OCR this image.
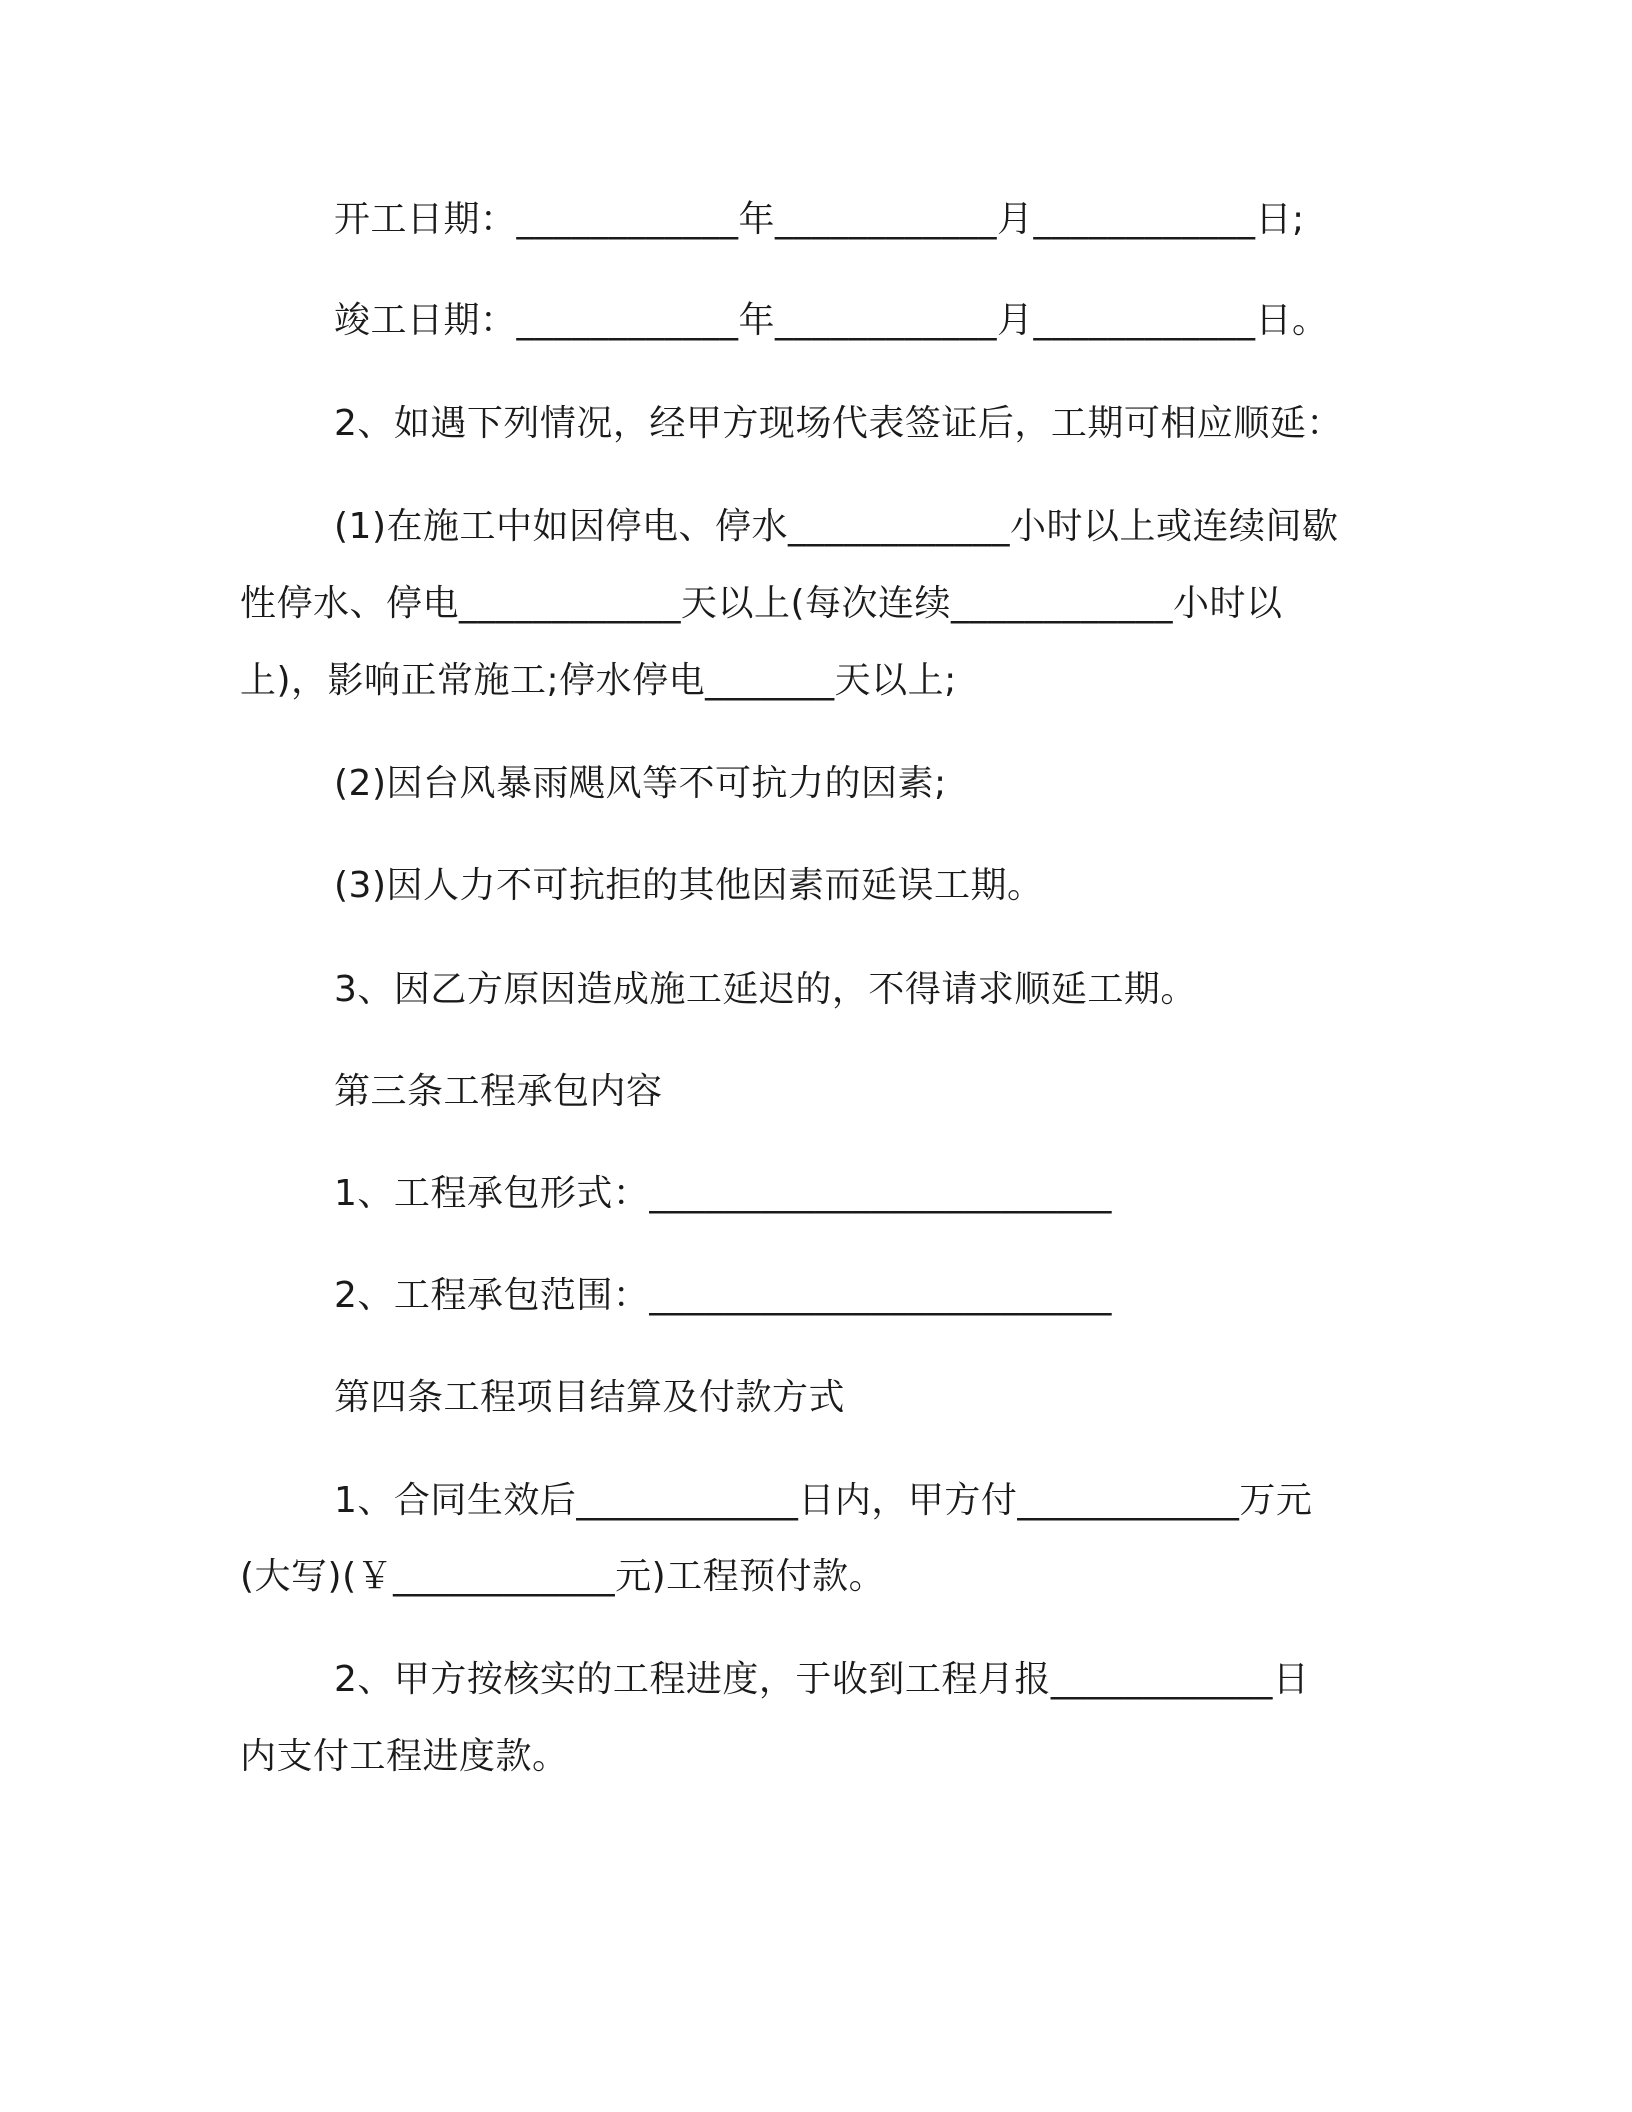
开工日期：____________年____________月____________日;
竣工日期：____________年____________月____________日。
2、如遇下列情况，经甲方现场代表签证后，工期可相应顺延：
(1)在施工中如因停电、停水____________小时以上或连续间歇
性停水、停电____________天以上(每次连续____________小时以
上)，影响正常施工;停水停电_______天以上;
(2)因台风暴雨飓风等不可抗力的因素;
(3)因人力不可抗拒的其他因素而延误工期。
3、因乙方原因造成施工延迟的，不得请求顺延工期。
第三条工程承包内容
1、工程承包形式：_________________________
2、工程承包范围：_________________________
第四条工程项目结算及付款方式
1、合同生效后____________日内，甲方付____________万元
(大写)(￥____________元)工程预付款。
2、甲方按核实的工程进度，于收到工程月报____________日
内支付工程进度款。
